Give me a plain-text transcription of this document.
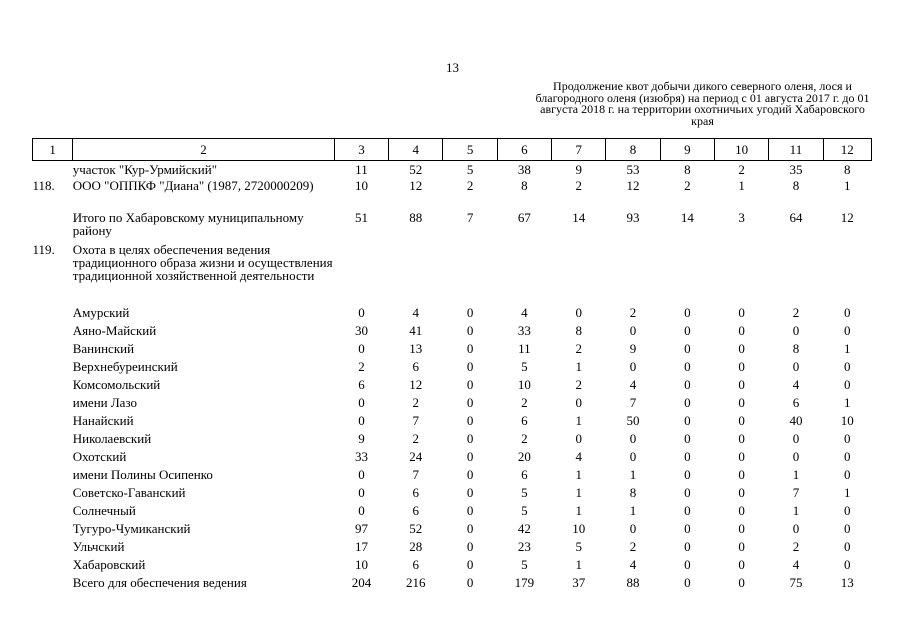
13
Продолжение квот добычи дикого северного оленя, лося и благородного оленя (изюбря) на период с 01 августа 2017 г. до 01 августа 2018 г. на территории охотничьих угодий Хабаровского края
1	2	3	4	5	6	7	8	9	10	11	12
	участок "Кур-Урмийский"	11	52	5	38	9	53	8	2	35	8
118.	ООО "ОППКФ "Диана" (1987, 2720000209)	10	12	2	8	2	12	2	1	8	1
	Итого по Хабаровскому муниципальному району	51	88	7	67	14	93	14	3	64	12
119.	Охота в целях обеспечения ведения традиционного образа жизни и осуществления традиционной хозяйственной деятельности										
	Амурский	0	4	0	4	0	2	0	0	2	0
	Аяно-Майский	30	41	0	33	8	0	0	0	0	0
	Ванинский	0	13	0	11	2	9	0	0	8	1
	Верхнебуреинский	2	6	0	5	1	0	0	0	0	0
	Комсомольский	6	12	0	10	2	4	0	0	4	0
	имени Лазо	0	2	0	2	0	7	0	0	6	1
	Нанайский	0	7	0	6	1	50	0	0	40	10
	Николаевский	9	2	0	2	0	0	0	0	0	0
	Охотский	33	24	0	20	4	0	0	0	0	0
	имени Полины Осипенко	0	7	0	6	1	1	0	0	1	0
	Советско-Гаванский	0	6	0	5	1	8	0	0	7	1
	Солнечный	0	6	0	5	1	1	0	0	1	0
	Тугуро-Чумиканский	97	52	0	42	10	0	0	0	0	0
	Ульчский	17	28	0	23	5	2	0	0	2	0
	Хабаровский	10	6	0	5	1	4	0	0	4	0
	Всего для обеспечения ведения	204	216	0	179	37	88	0	0	75	13
